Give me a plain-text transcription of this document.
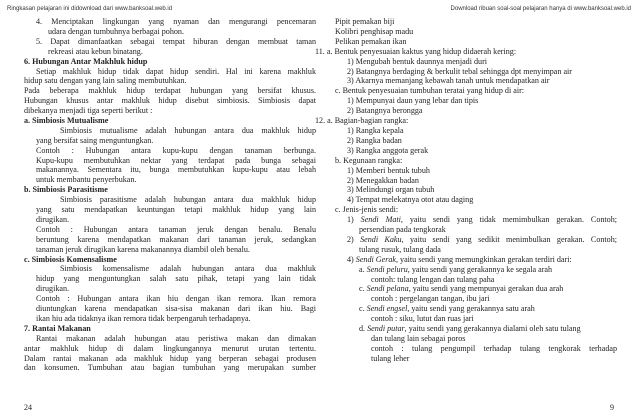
Ringkasan pelajaran ini didownload dari www.banksoal.web.id	Download ribuan soal-soal pelajaran hanya di www.banksoal.web.id
4. Menciptakan lingkungan yang nyaman dan mengurangi pencemaran
udara dengan tumbuhnya berbagai pohon.
5. Dapat dimanfaatkan sebagai tempat hiburan dengan membuat taman
rekreasi atau kebun binatang.
6. Hubungan Antar Makhluk hidup
Setiap makhluk hidup tidak dapat hidup sendiri. Hal ini karena makhluk
hidup satu dengan yang lain saling membutuhkan.
Pada beberapa makhluk hidup terdapat hubungan yang bersifat khusus.
Hubungan khusus antar makhluk hidup disebut simbiosis. Simbiosis dapat
dibekanya menjadi tiga seperti berikut :
a. Simbiosis Mutualisme
Simbiosis mutualisme adalah hubungan antara dua makhluk hidup
yang bersifat saing menguntungkan.
Contoh : Hubungan antara kupu-kupu dengan tanaman berbunga.
Kupu-kupu membutuhkan nektar yang terdapat pada bunga sebagai
makanannya. Sementara itu, bunga membutuhkan kupu-kupu atau lebah
untuk membantu penyerbukan.
b. Simbiosis Parasitisme
Simbiosis parasitisme adalah hubungan antara dua makhluk hidup
yang satu mendapatkan keuntungan tetapi makhluk hidup yang lain
dirugikan.
Contoh : Hubungan antara tanaman jeruk dengan benalu. Benalu
beruntung karena mendapatkan makanan dari tanaman jeruk, sedangkan
tanaman jeruk dirugikan karena makanannya diambil oleh benalu.
c. Simbiosis Komensalisme
Simbiosis komensalisme adalah hubungan antara dua makhluk
hidup yang menguntungkan salah satu pihak, tetapi yang lain tidak
dirugikan.
Contoh : Hubungan antara ikan hiu dengan ikan remora. Ikan remora
diuntungkan karena mendapatkan sisa-sisa makanan dari ikan hiu. Bagi
ikan hiu ada tidaknya ikan remora tidak berpengaruh terhadapnya.
7. Rantai Makanan
Rantai makanan adalah hubungan atau peristiwa makan dan dimakan
antar makhluk hidup di dalam lingkungannya menurut urutan tertentu.
Dalam rantai makanan ada makhluk hidup yang berperan sebagai produsen
dan konsumen. Tumbuhan atau bagian tumbuhan yang merupakan sumber
Pipit pemakan biji
Kolibri penghisap madu
Pelikan pemakan ikan
11. a. Bentuk penyesuaian kaktus yang hidup didaerah kering:
1) Mengubah bentuk daunnya menjadi duri
2) Batangnya berdaging & berkulit tebal sehingga dpt menyimpan air
3) Akarnya memanjang kebawah tanah untuk mendapatkan air
c. Bentuk penyesuaian tumbuhan teratai yang hidup di air:
1) Mempunyai daun yang lebar dan tipis
2) Batangnya berongga
12. a. Bagian-bagian rangka:
1) Rangka kepala
2) Rangka badan
3) Rangka anggota gerak
b. Kegunaan rangka:
1) Memberi bentuk tubuh
2) Menegakkan badan
3) Melindungi organ tubuh
4) Tempat melekatnya otot atau daging
c. Jenis-jenis sendi:
1) Sendi Mati, yaitu sendi yang tidak memimbulkan gerakan. Contoh;
persendian pada tengkorak
2) Sendi Kaku, yaitu sendi yang sedikit menimbulkan gerakan. Contoh;
tulang rusuk, tulang dada
4) Sendi Gerak, yaitu sendi yang memungkinkan gerakan terdiri dari:
a. Sendi peluru, yaitu sendi yang gerakannya ke segala arah
contoh: tulang lengan dan tulang paha
c. Sendi pelana, yaitu sendi yang mempunyai gerakan dua arah
contoh : pergelangan tangan, ibu jari
c. Sendi engsel, yaitu sendi yang gerakannya satu arah
contoh : siku, lutut dan ruas jari
d. Sendi putar, yaitu sendi yang gerakannya dialami oleh satu tulang
dan tulang lain sebagai poros
contoh : tulang pengumpil terhadap tulang tengkorak terhadap
tulang leher
24	9
